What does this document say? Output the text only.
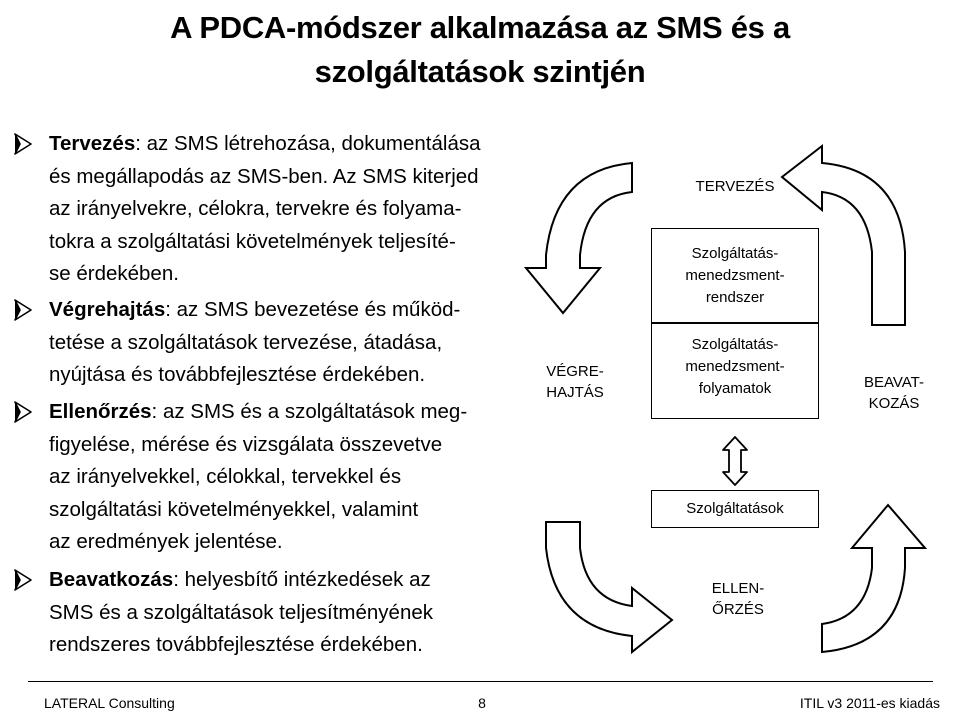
A PDCA-módszer alkalmazása az SMS és a
szolgáltatások szintjén
Tervezés: az SMS létrehozása, dokumentálása
és megállapodás az SMS-ben. Az SMS kiterjed
az irányelvekre, célokra, tervekre és folyama-
tokra a szolgáltatási követelmények teljesíté-
se érdekében.
Végrehajtás: az SMS bevezetése és működ-
tetése a szolgáltatások tervezése, átadása,
nyújtása és továbbfejlesztése érdekében.
Ellenőrzés: az SMS és a szolgáltatások meg-
figyelése, mérése és vizsgálata összevetve
az irányelvekkel, célokkal, tervekkel és
szolgáltatási követelményekkel, valamint
az eredmények jelentése.
Beavatkozás: helyesbítő intézkedések az
SMS és a szolgáltatások teljesítményének
rendszeres továbbfejlesztése érdekében.
TERVEZÉS
VÉGRE-
HAJTÁS
ELLEN-
ŐRZÉS
BEAVAT-
KOZÁS
Szolgáltatás-
menedzsment-
rendszer
Szolgáltatás-
menedzsment-
folyamatok
Szolgáltatások
LATERAL Consulting	8	ITIL v3 2011-es kiadás
